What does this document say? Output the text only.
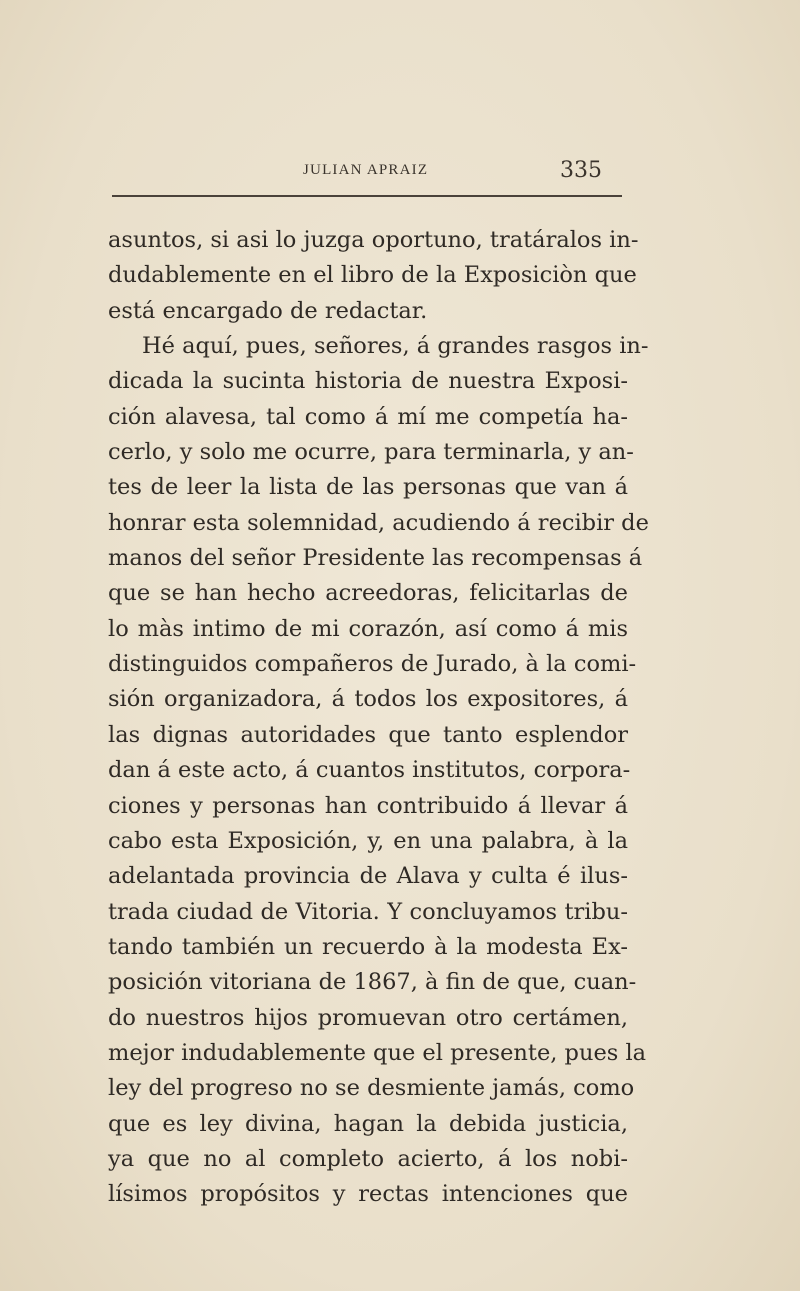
JULIAN APRAIZ	335
asuntos, si asi lo juzga oportuno, tratáralos in-
dudablemente en el libro de la Exposiciòn que
está encargado de redactar.
Hé aquí, pues, señores, á grandes rasgos in-
dicada la sucinta historia de nuestra Exposi-
ción alavesa, tal como á mí me competía ha-
cerlo, y solo me ocurre, para terminarla, y an-
tes de leer la lista de las personas que van á
honrar esta solemnidad, acudiendo á recibir de
manos del señor Presidente las recompensas á
que se han hecho acreedoras, felicitarlas de
lo màs intimo de mi corazón, así como á mis
distinguidos compañeros de Jurado, à la comi-
sión organizadora, á todos los expositores, á
las dignas autoridades que tanto esplendor
dan á este acto, á cuantos institutos, corpora-
ciones y personas han contribuido á llevar á
cabo esta Exposición, y, en una palabra, à la
adelantada provincia de Alava y culta é ilus-
trada ciudad de Vitoria. Y concluyamos tribu-
tando también un recuerdo à la modesta Ex-
posición vitoriana de 1867, à fin de que, cuan-
do nuestros hijos promuevan otro certámen,
mejor indudablemente que el presente, pues la
ley del progreso no se desmiente jamás, como
que es ley divina, hagan la debida justicia,
ya que no al completo acierto, á los nobi-
lísimos propósitos y rectas intenciones que
